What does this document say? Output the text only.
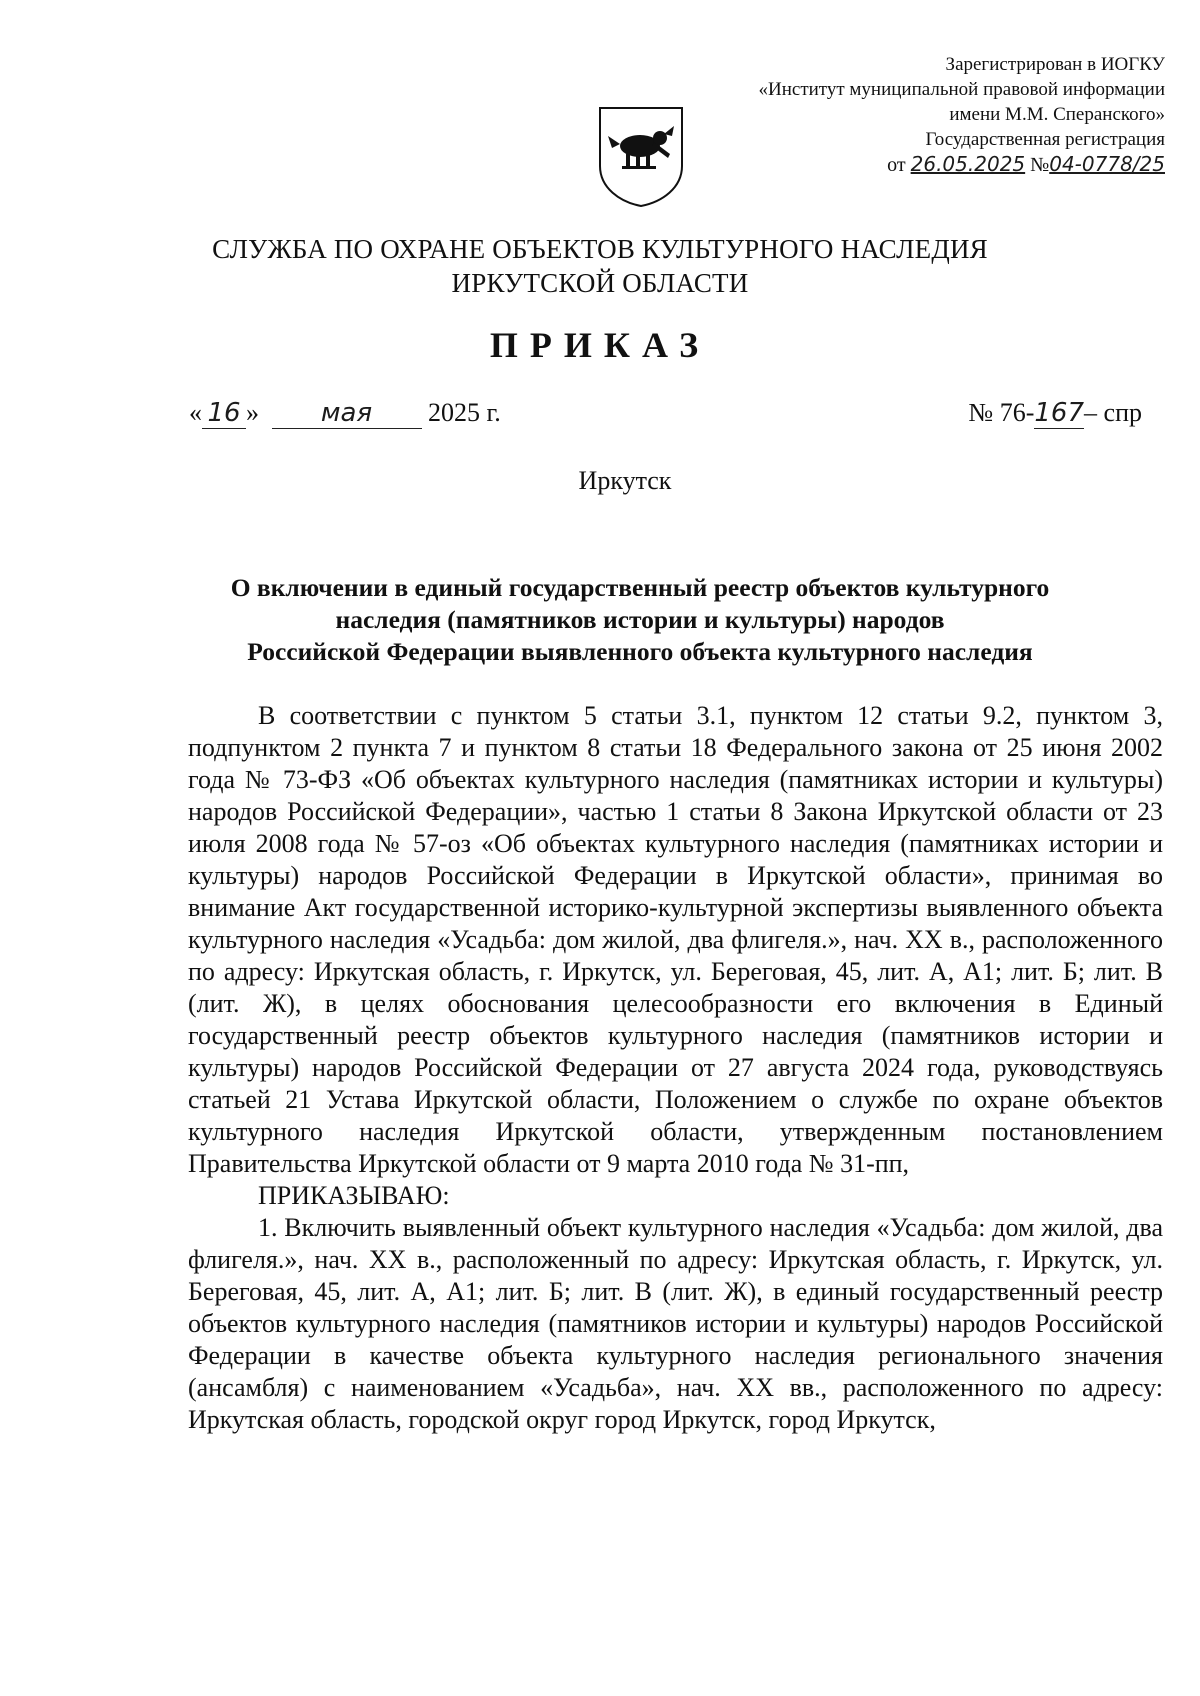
Зарегистрирован в ИОГКУ
«Институт муниципальной правовой информации
имени М.М. Сперанского»
Государственная регистрация
от 26.05.2025 №04-0778/25
СЛУЖБА ПО ОХРАНЕ ОБЪЕКТОВ КУЛЬТУРНОГО НАСЛЕДИЯ
ИРКУТСКОЙ ОБЛАСТИ
ПРИКАЗ
« 16 » мая 2025 г.	№ 76-167– спр
Иркутск
О включении в единый государственный реестр объектов культурного
наследия (памятников истории и культуры) народов
Российской Федерации выявленного объекта культурного наследия

В соответствии с пунктом 5 статьи 3.1, пунктом 12 статьи 9.2, пунктом 3, подпунктом 2 пункта 7 и пунктом 8 статьи 18 Федерального закона от 25 июня 2002 года № 73-ФЗ «Об объектах культурного наследия (памятниках истории и культуры) народов Российской Федерации», частью 1 статьи 8 Закона Иркутской области от 23 июля 2008 года № 57-оз «Об объектах культурного наследия (памятниках истории и культуры) народов Российской Федерации в Иркутской области», принимая во внимание Акт государственной историко-культурной экспертизы выявленного объекта культурного наследия «Усадьба: дом жилой, два флигеля.», нач. XX в., расположенного по адресу: Иркутская область, г. Иркутск, ул. Береговая, 45, лит. А, А1; лит. Б; лит. В (лит. Ж), в целях обоснования целесообразности его включения в Единый государственный реестр объектов культурного наследия (памятников истории и культуры) народов Российской Федерации от 27 августа 2024 года, руководствуясь статьей 21 Устава Иркутской области, Положением о службе по охране объектов культурного наследия Иркутской области, утвержденным постановлением Правительства Иркутской области от 9 марта 2010 года № 31-пп,

ПРИКАЗЫВАЮ:

1. Включить выявленный объект культурного наследия «Усадьба: дом жилой, два флигеля.», нач. XX в., расположенный по адресу: Иркутская область, г. Иркутск, ул. Береговая, 45, лит. А, А1; лит. Б; лит. В (лит. Ж), в единый государственный реестр объектов культурного наследия (памятников истории и культуры) народов Российской Федерации в качестве объекта культурного наследия регионального значения (ансамбля) с наименованием «Усадьба», нач. XX вв., расположенного по адресу: Иркутская область, городской округ город Иркутск, город Иркутск,
